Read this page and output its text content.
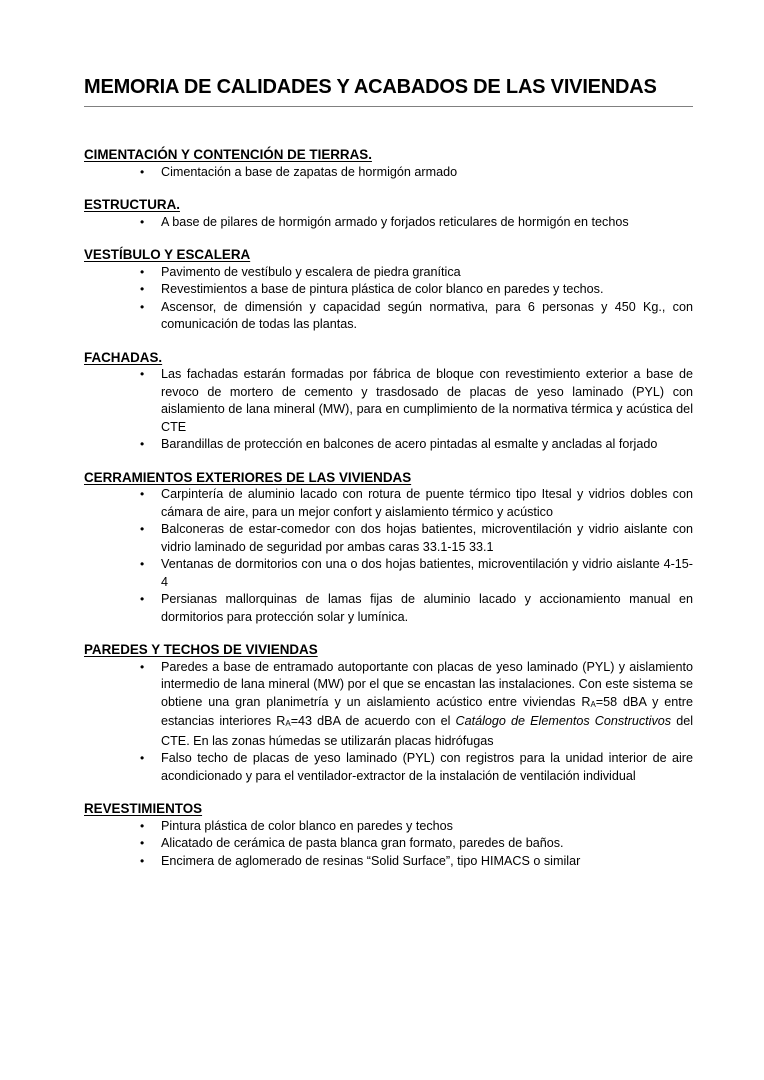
MEMORIA DE CALIDADES Y ACABADOS DE LAS VIVIENDAS
CIMENTACIÓN Y CONTENCIÓN DE TIERRAS.
• Cimentación a base de zapatas de hormigón armado
ESTRUCTURA.
• A base de pilares de hormigón armado y forjados reticulares de hormigón en techos
VESTÍBULO Y ESCALERA
• Pavimento de vestíbulo y escalera de piedra granítica
• Revestimientos a base de pintura plástica de color blanco en paredes y techos.
• Ascensor, de dimensión y capacidad según normativa, para 6 personas y 450 Kg., con comunicación de todas las plantas.
FACHADAS.
• Las fachadas estarán formadas por fábrica de bloque con revestimiento exterior a base de revoco de mortero de cemento y trasdosado de placas de yeso laminado (PYL) con aislamiento de lana mineral (MW), para en cumplimiento de la normativa térmica y acústica del CTE
• Barandillas de protección en balcones de acero pintadas al esmalte y ancladas al forjado
CERRAMIENTOS EXTERIORES DE LAS VIVIENDAS
• Carpintería de aluminio lacado con rotura de puente térmico tipo Itesal y vidrios dobles con cámara de aire, para un mejor confort y aislamiento térmico y acústico
• Balconeras de estar-comedor con dos hojas batientes, microventilación y vidrio aislante con vidrio laminado de seguridad por ambas caras 33.1-15 33.1
• Ventanas de dormitorios con una o dos hojas batientes, microventilación y vidrio aislante 4-15-4
• Persianas mallorquinas de lamas fijas de aluminio lacado y accionamiento manual en dormitorios para protección solar y lumínica.
PAREDES Y TECHOS DE VIVIENDAS
• Paredes a base de entramado autoportante con placas de yeso laminado (PYL) y aislamiento intermedio de lana mineral (MW) por el que se encastan las instalaciones. Con este sistema se obtiene una gran planimetría y un aislamiento acústico entre viviendas RA=58 dBA y entre estancias interiores RA=43 dBA de acuerdo con el Catálogo de Elementos Constructivos del CTE. En las zonas húmedas se utilizarán placas hidrófugas
• Falso techo de placas de yeso laminado (PYL) con registros para la unidad interior de aire acondicionado y para el ventilador-extractor de la instalación de ventilación individual
REVESTIMIENTOS
• Pintura plástica de color blanco en paredes y techos
• Alicatado de cerámica de pasta blanca gran formato, paredes de baños.
• Encimera de aglomerado de resinas “Solid Surface”, tipo HIMACS o similar
